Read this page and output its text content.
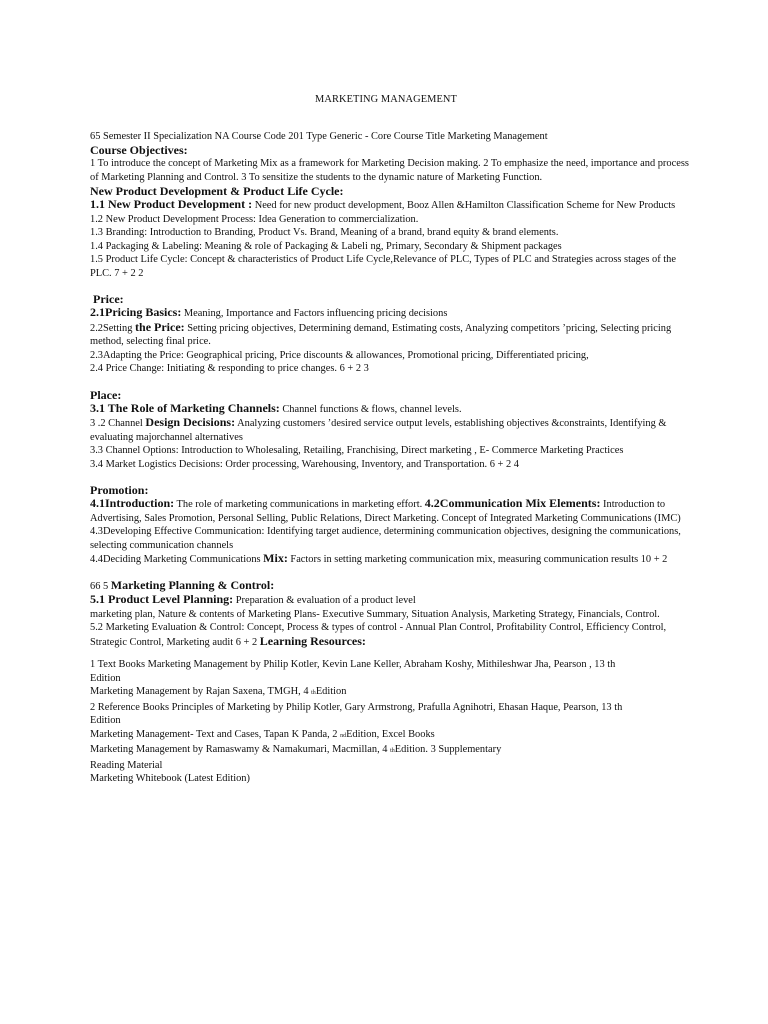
MARKETING MANAGEMENT

65 Semester II Specialization NA Course Code 201 Type Generic - Core Course Title Marketing Management

Course Objectives:

1 To introduce the concept of Marketing Mix as a framework for Marketing Decision making. 2 To emphasize the need, importance and process of Marketing Planning and Control. 3 To sensitize the students to the dynamic nature of Marketing Function.

New Product Development & Product Life Cycle:

1.1 New Product Development : Need for new product development, Booz Allen &Hamilton Classification Scheme for New Products

1.2 New Product Development Process: Idea Generation to commercialization.

1.3 Branding: Introduction to Branding, Product Vs. Brand, Meaning of a brand, brand equity & brand elements.

1.4 Packaging & Labeling: Meaning & role of Packaging & Labeli ng, Primary, Secondary & Shipment packages

1.5 Product Life Cycle: Concept & characteristics of Product Life Cycle,Relevance of PLC, Types of PLC and Strategies across stages of the PLC. 7 + 2 2

Price:

2.1Pricing Basics: Meaning, Importance and Factors influencing pricing decisions

2.2Setting the Price: Setting pricing objectives, Determining demand, Estimating costs, Analyzing competitors ’pricing, Selecting pricing method, selecting final price.

2.3Adapting the Price: Geographical pricing, Price discounts & allowances, Promotional pricing, Differentiated pricing,

2.4 Price Change: Initiating & responding to price changes. 6 + 2 3

Place:

3.1 The Role of Marketing Channels: Channel functions & flows, channel levels.

3 .2 Channel Design Decisions: Analyzing customers ’desired service output levels, establishing objectives &constraints, Identifying & evaluating majorchannel alternatives

3.3 Channel Options: Introduction to Wholesaling, Retailing, Franchising, Direct marketing , E- Commerce Marketing Practices

3.4 Market Logistics Decisions: Order processing, Warehousing, Inventory, and Transportation. 6 + 2 4

Promotion:

4.1Introduction: The role of marketing communications in marketing effort. 4.2Communication Mix Elements: Introduction to Advertising, Sales Promotion, Personal Selling, Public Relations, Direct Marketing. Concept of Integrated Marketing Communications (IMC)

4.3Developing Effective Communication: Identifying target audience, determining communication objectives, designing the communications, selecting communication channels

4.4Deciding Marketing Communications Mix: Factors in setting marketing communication mix, measuring communication results 10 + 2

66 5 Marketing Planning & Control:

5.1 Product Level Planning: Preparation & evaluation of a product level

marketing plan, Nature & contents of Marketing Plans- Executive Summary, Situation Analysis, Marketing Strategy, Financials, Control.

5.2 Marketing Evaluation & Control: Concept, Process & types of control - Annual Plan Control, Profitability Control, Efficiency Control, Strategic Control, Marketing audit 6 + 2 Learning Resources:

1 Text Books Marketing Management by Philip Kotler, Kevin Lane Keller, Abraham Koshy, Mithileshwar Jha, Pearson , 13 th
Edition

Marketing Management by Rajan Saxena, TMGH, 4 thEdition

2 Reference Books Principles of Marketing by Philip Kotler, Gary Armstrong, Prafulla Agnihotri, Ehasan Haque, Pearson, 13 th
Edition

Marketing Management- Text and Cases, Tapan K Panda, 2 ndEdition, Excel Books

Marketing Management by Ramaswamy & Namakumari, Macmillan, 4 thEdition. 3 Supplementary

Reading Material

Marketing Whitebook (Latest Edition)
